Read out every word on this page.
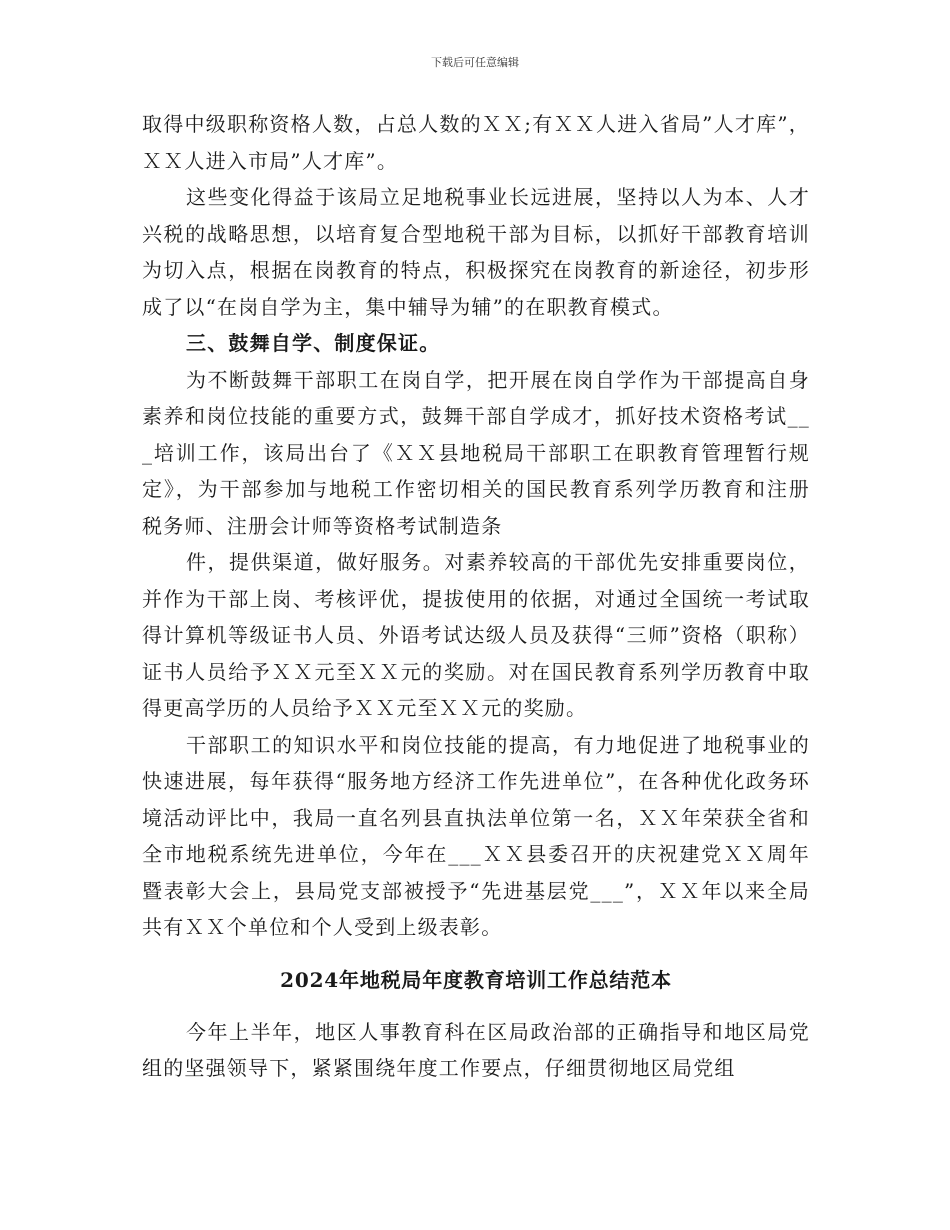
下载后可任意编辑

取得中级职称资格人数，占总人数的ＸＸ;有ＸＸ人进入省局”人才库”，ＸＸ人进入市局”人才库”。

这些变化得益于该局立足地税事业长远进展，坚持以人为本、人才兴税的战略思想，以培育复合型地税干部为目标，以抓好干部教育培训为切入点，根据在岗教育的特点，积极探究在岗教育的新途径，初步形成了以“在岗自学为主，集中辅导为辅”的在职教育模式。

三、鼓舞自学、制度保证。

为不断鼓舞干部职工在岗自学，把开展在岗自学作为干部提高自身素养和岗位技能的重要方式，鼓舞干部自学成才，抓好技术资格考试___培训工作，该局出台了《ＸＸ县地税局干部职工在职教育管理暂行规定》，为干部参加与地税工作密切相关的国民教育系列学历教育和注册税务师、注册会计师等资格考试制造条

件，提供渠道，做好服务。对素养较高的干部优先安排重要岗位，并作为干部上岗、考核评优，提拔使用的依据，对通过全国统一考试取得计算机等级证书人员、外语考试达级人员及获得“三师”资格（职称）证书人员给予ＸＸ元至ＸＸ元的奖励。对在国民教育系列学历教育中取得更高学历的人员给予ＸＸ元至ＸＸ元的奖励。

干部职工的知识水平和岗位技能的提高，有力地促进了地税事业的快速进展，每年获得“服务地方经济工作先进单位”，在各种优化政务环境活动评比中，我局一直名列县直执法单位第一名，ＸＸ年荣获全省和全市地税系统先进单位，今年在___ＸＸ县委召开的庆祝建党ＸＸ周年暨表彰大会上，县局党支部被授予“先进基层党___”，ＸＸ年以来全局共有ＸＸ个单位和个人受到上级表彰。

2024年地税局年度教育培训工作总结范本

今年上半年，地区人事教育科在区局政治部的正确指导和地区局党组的坚强领导下，紧紧围绕年度工作要点，仔细贯彻地区局党组
